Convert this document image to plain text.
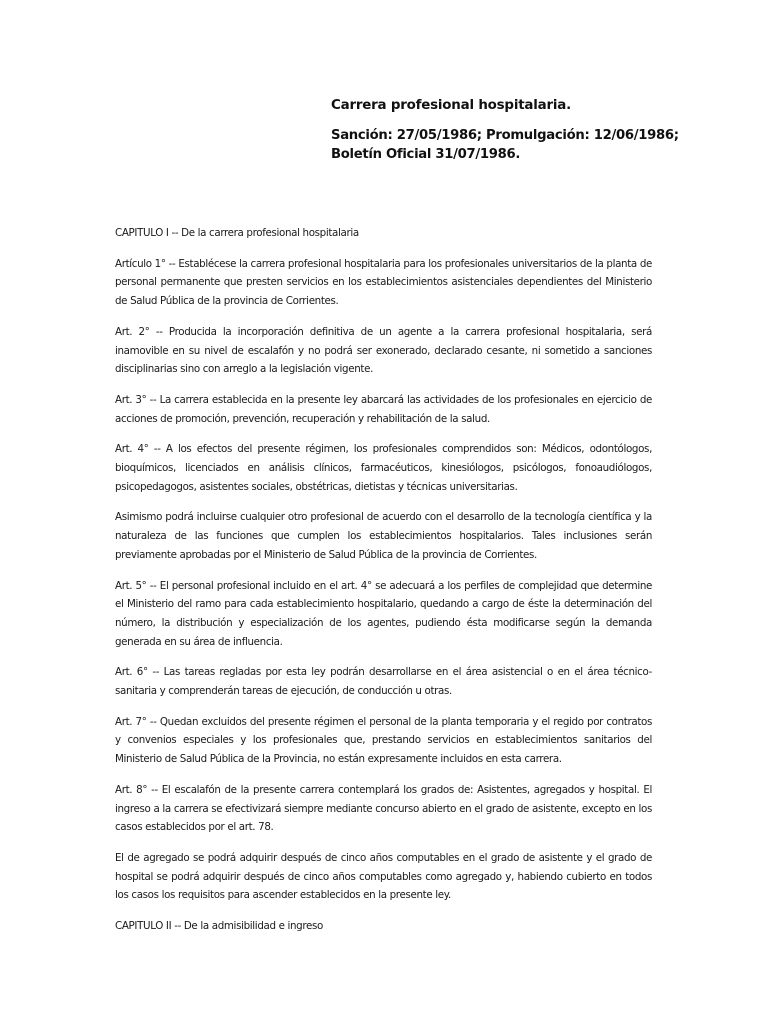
Carrera profesional hospitalaria.
Sanción: 27/05/1986; Promulgación: 12/06/1986;
Boletín Oficial 31/07/1986.

CAPITULO I -- De la carrera profesional hospitalaria

Artículo 1° -- Establécese la carrera profesional hospitalaria para los profesionales universitarios de la planta de personal permanente que presten servicios en los establecimientos asistenciales dependientes del Ministerio de Salud Pública de la provincia de Corrientes.

Art. 2° -- Producida la incorporación definitiva de un agente a la carrera profesional hospitalaria, será inamovible en su nivel de escalafón y no podrá ser exonerado, declarado cesante, ni sometido a sanciones disciplinarias sino con arreglo a la legislación vigente.

Art. 3° -- La carrera establecida en la presente ley abarcará las actividades de los profesionales en ejercicio de acciones de promoción, prevención, recuperación y rehabilitación de la salud.

Art. 4° -- A los efectos del presente régimen, los profesionales comprendidos son: Médicos, odontólogos, bioquímicos, licenciados en análisis clínicos, farmacéuticos, kinesiólogos, psicólogos, fonoaudiólogos, psicopedagogos, asistentes sociales, obstétricas, dietistas y técnicas universitarias.

Asimismo podrá incluirse cualquier otro profesional de acuerdo con el desarrollo de la tecnología científica y la naturaleza de las funciones que cumplen los establecimientos hospitalarios. Tales inclusiones serán previamente aprobadas por el Ministerio de Salud Pública de la provincia de Corrientes.

Art. 5° -- El personal profesional incluido en el art. 4° se adecuará a los perfiles de complejidad que determine el Ministerio del ramo para cada establecimiento hospitalario, quedando a cargo de éste la determinación del número, la distribución y especialización de los agentes, pudiendo ésta modificarse según la demanda generada en su área de influencia.

Art. 6° -- Las tareas regladas por esta ley podrán desarrollarse en el área asistencial o en el área técnico-sanitaria y comprenderán tareas de ejecución, de conducción u otras.

Art. 7° -- Quedan excluidos del presente régimen el personal de la planta temporaria y el regido por contratos y convenios especiales y los profesionales que, prestando servicios en establecimientos sanitarios del Ministerio de Salud Pública de la Provincia, no están expresamente incluidos en esta carrera.

Art. 8° -- El escalafón de la presente carrera contemplará los grados de: Asistentes, agregados y hospital. El ingreso a la carrera se efectivizará siempre mediante concurso abierto en el grado de asistente, excepto en los casos establecidos por el art. 78.

El de agregado se podrá adquirir después de cinco años computables en el grado de asistente y el grado de hospital se podrá adquirir después de cinco años computables como agregado y, habiendo cubierto en todos los casos los requisitos para ascender establecidos en la presente ley.

CAPITULO II -- De la admisibilidad e ingreso
